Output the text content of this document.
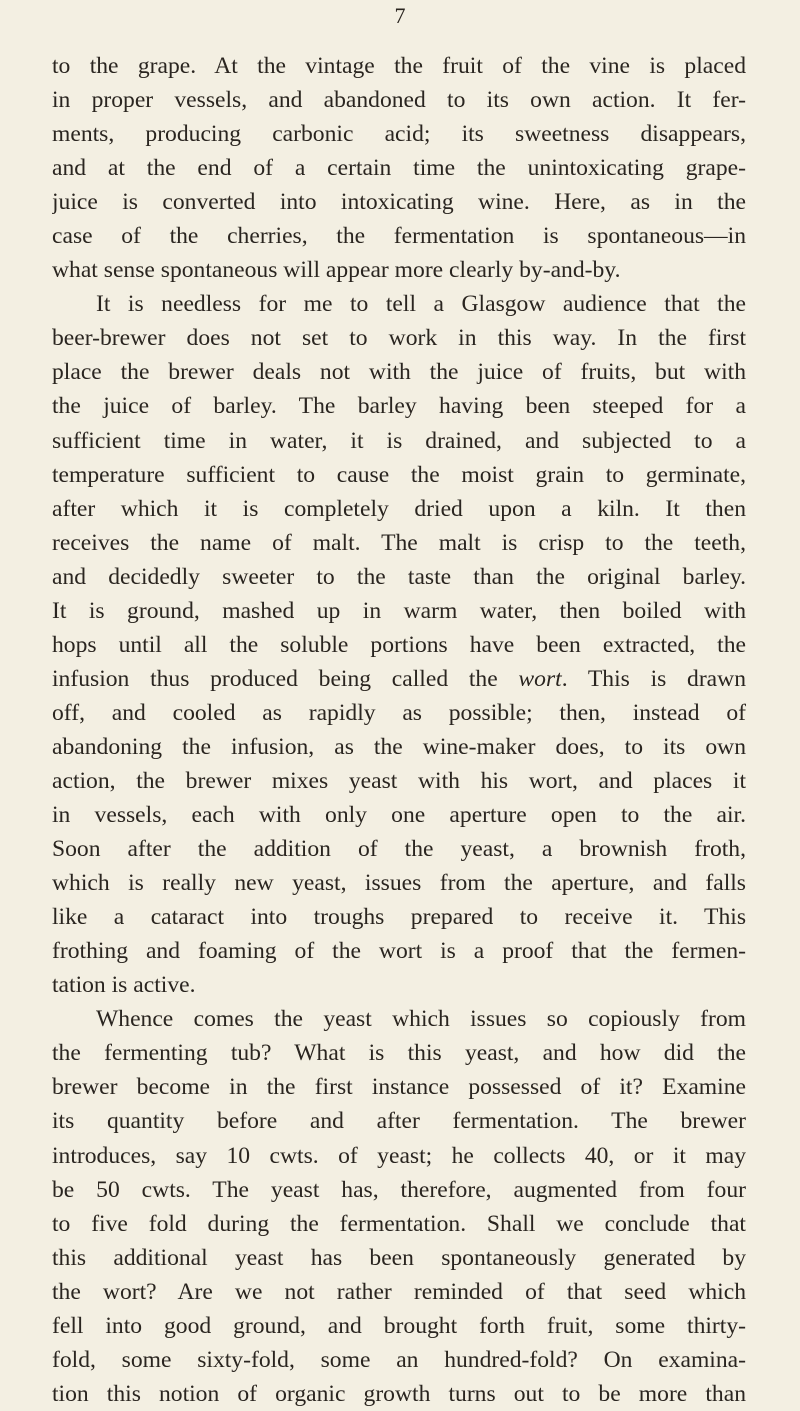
7
to the grape. At the vintage the fruit of the vine is placed
in proper vessels, and abandoned to its own action. It fer-
ments, producing carbonic acid; its sweetness disappears,
and at the end of a certain time the unintoxicating grape-
juice is converted into intoxicating wine. Here, as in the
case of the cherries, the fermentation is spontaneous—in
what sense spontaneous will appear more clearly by-and-by.
It is needless for me to tell a Glasgow audience that the
beer-brewer does not set to work in this way. In the first
place the brewer deals not with the juice of fruits, but with
the juice of barley. The barley having been steeped for a
sufficient time in water, it is drained, and subjected to a
temperature sufficient to cause the moist grain to germinate,
after which it is completely dried upon a kiln. It then
receives the name of malt. The malt is crisp to the teeth,
and decidedly sweeter to the taste than the original barley.
It is ground, mashed up in warm water, then boiled with
hops until all the soluble portions have been extracted, the
infusion thus produced being called the wort. This is drawn
off, and cooled as rapidly as possible; then, instead of
abandoning the infusion, as the wine-maker does, to its own
action, the brewer mixes yeast with his wort, and places it
in vessels, each with only one aperture open to the air.
Soon after the addition of the yeast, a brownish froth,
which is really new yeast, issues from the aperture, and falls
like a cataract into troughs prepared to receive it. This
frothing and foaming of the wort is a proof that the fermen-
tation is active.
Whence comes the yeast which issues so copiously from
the fermenting tub? What is this yeast, and how did the
brewer become in the first instance possessed of it? Examine
its quantity before and after fermentation. The brewer
introduces, say 10 cwts. of yeast; he collects 40, or it may
be 50 cwts. The yeast has, therefore, augmented from four
to five fold during the fermentation. Shall we conclude that
this additional yeast has been spontaneously generated by
the wort? Are we not rather reminded of that seed which
fell into good ground, and brought forth fruit, some thirty-
fold, some sixty-fold, some an hundred-fold? On examina-
tion this notion of organic growth turns out to be more than
